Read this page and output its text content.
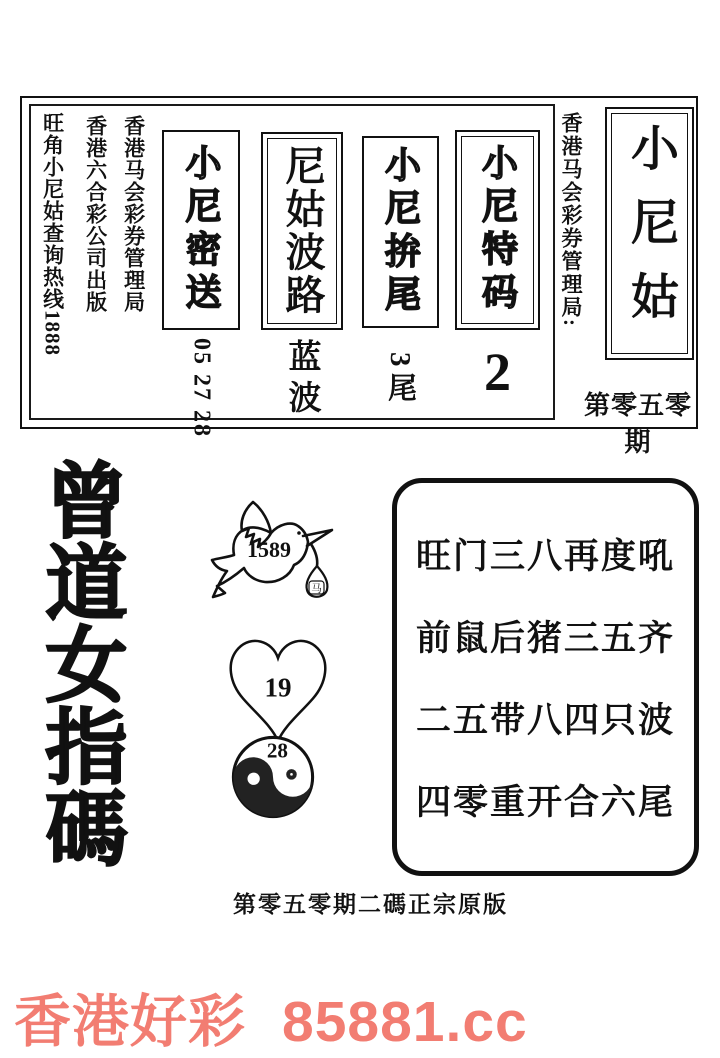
旺角小尼姑查询热线1888 香港六合彩公司出版 香港马会彩券管理局 小尼密送
05 27 28
尼姑波路
蓝波
小尼拚尾
3尾
小尼特码
2
香港马会彩券管理局: 小尼姑
第零五零期
曾道女指碼	1589
马
19
28
旺门三八再度吼
前鼠后猪三五齐
二五带八四只波
四零重开合六尾
第零五零期二碼正宗原版
香港好彩 85881.cc
